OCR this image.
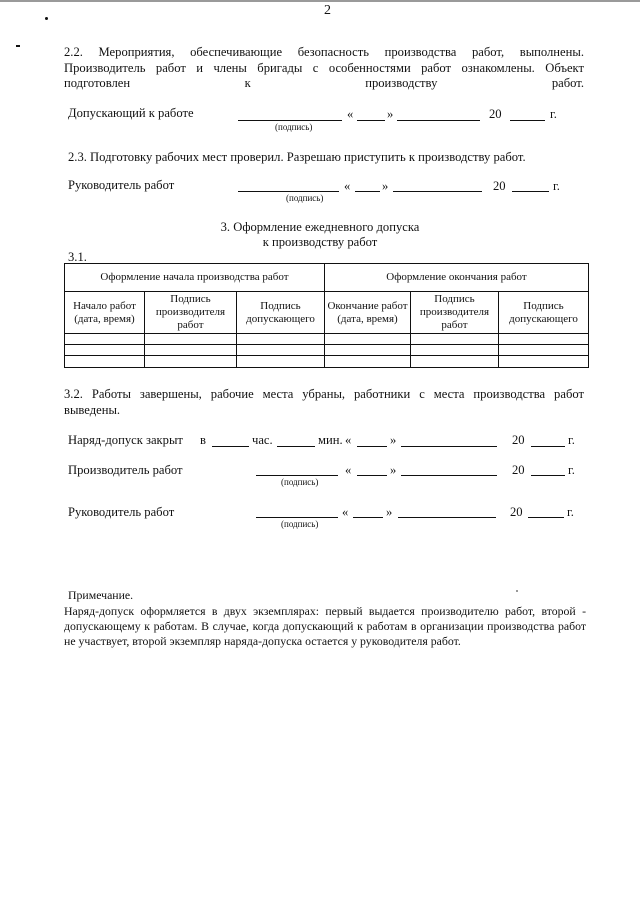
2
2.2. Мероприятия, обеспечивающие безопасность производства работ, выполнены. Производитель работ и члены бригады с особенностями работ ознакомлены. Объект подготовлен к производству работ.
Допускающий к работе	«	»	20	г.
(подпись)
2.3. Подготовку рабочих мест проверил. Разрешаю приступить к производству работ.
Руководитель работ	«	»	20	г.
(подпись)
3. Оформление ежедневного допуска
к производству работ
3.1.
Оформление начала производства работ			Оформление окончания работ		
Начало работ (дата, время)	Подпись производителя работ	Подпись допускающего	Окончание работ (дата, время)	Подпись производителя работ	Подпись допускающего

3.2. Работы завершены, рабочие места убраны, работники с места производства работ выведены.
Наряд-допуск закрыт в	час.	мин. «	»	20	г.
Производитель работ	«	»	20	г.
(подпись)
Руководитель работ	«	»	20	г.
(подпись)
Примечание.
Наряд-допуск оформляется в двух экземплярах: первый выдается производителю работ, второй - допускающему к работам. В случае, когда допускающий к работам в организации производства работ не участвует, второй экземпляр наряда-допуска остается у руководителя работ.
